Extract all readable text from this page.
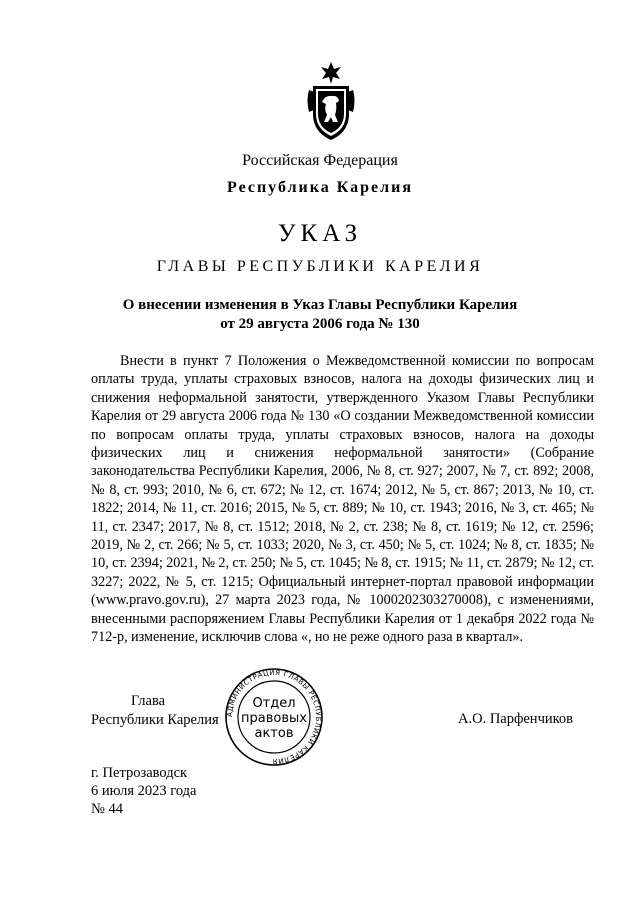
Российская Федерация
Республика Карелия
УКАЗ
ГЛАВЫ РЕСПУБЛИКИ КАРЕЛИЯ
О внесении изменения в Указ Главы Республики Карелия
от 29 августа 2006 года № 130

Внести в пункт 7 Положения о Межведомственной комиссии по вопросам оплаты труда, уплаты страховых взносов, налога на доходы физических лиц и снижения неформальной занятости, утвержденного Указом Главы Республики Карелия от 29 августа 2006 года № 130 «О создании Межведомственной комиссии по вопросам оплаты труда, уплаты страховых взносов, налога на доходы физических лиц и снижения неформальной занятости» (Собрание законодательства Республики Карелия, 2006, № 8, ст. 927; 2007, № 7, ст. 892; 2008, № 8, ст. 993; 2010, № 6, ст. 672; № 12, ст. 1674; 2012, № 5, ст. 867; 2013, № 10, ст. 1822; 2014, № 11, ст. 2016; 2015, № 5, ст. 889; № 10, ст. 1943; 2016, № 3, ст. 465; № 11, ст. 2347; 2017, № 8, ст. 1512; 2018, № 2, ст. 238; № 8, ст. 1619; № 12, ст. 2596; 2019, № 2, ст. 266; № 5, ст. 1033; 2020, № 3, ст. 450; № 5, ст. 1024; № 8, ст. 1835; № 10, ст. 2394; 2021, № 2, ст. 250; № 5, ст. 1045; № 8, ст. 1915; № 11, ст. 2879; № 12, ст. 3227; 2022, № 5, ст. 1215; Официальный интернет-портал правовой информации (www.pravo.gov.ru), 27 марта 2023 года, № 1000202303270008), с изменениями, внесенными распоряжением Главы Республики Карелия от 1 декабря 2022 года № 712-р, изменение, исключив слова «, но не реже одного раза в квартал».

Глава
Республики Карелия АДМИНИСТРАЦИЯ ГЛАВЫ РЕСПУБЛИКИ КАРЕЛИЯ
Отдел
правовых
актов
А.О. Парфенчиков
г. Петрозаводск
6 июля 2023 года
№ 44
